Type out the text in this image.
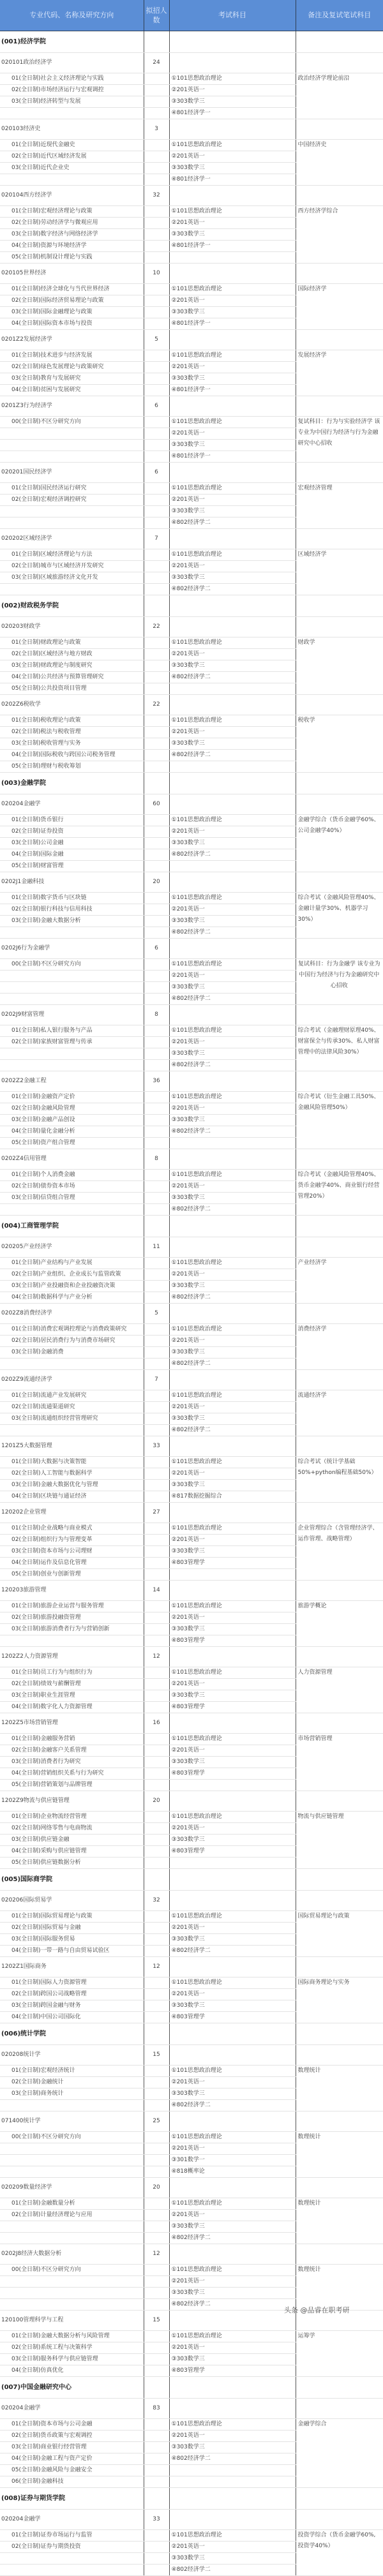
专业代码、名称及研究方向	拟招人数	考试科目	备注及复试笔试科目
(001)经济学院			
020101政治经济学	24		
01(全日制)社会主义经济理论与实践		①101思想政治理论	政治经济学理论前沿
02(全日制)市场经济运行与宏观调控		②201英语一	
03(全日制)经济转型与发展		③303数学三	
		④801经济学一	
020103经济史	3		
01(全日制)近现代金融史		①101思想政治理论	中国经济史
02(全日制)近代区域经济发展		②201英语一	
03(全日制)近代企业史		③303数学三	
		④801经济学一	
020104西方经济学	32		
01(全日制)宏观经济理论与政策		①101思想政治理论	西方经济学综合
02(全日制)劳动经济学与微观应用		②201英语一	
03(全日制)数字经济与网络经济学		③303数学三	
04(全日制)资源与环境经济学		④801经济学一	
05(全日制)机制设计理论与实践			
020105世界经济	10		
01(全日制)经济全球化与当代世界经济		①101思想政治理论	国际经济学
02(全日制)国际经济贸易理论与政策		②201英语一	
03(全日制)国际金融理论与政策		③303数学三	
04(全日制)国际资本市场与投资		④801经济学一	
0201Z2发展经济学	5		
01(全日制)技术进步与经济发展		①101思想政治理论	发展经济学
02(全日制)绿色发展理论与政策研究		②201英语一	
03(全日制)教育与发展研究		③303数学三	
04(全日制)贫困与发展研究		④801经济学一	
0201Z3行为经济学	6		
00(全日制)不区分研究方向		①101思想政治理论	复试科目：行为与实验经济学 该专业为中国行为经济与行为金融研究中心招收
		②201英语一	
		③303数学三	
		④801经济学一	
020201国民经济学	6		
01(全日制)国民经济运行研究		①101思想政治理论	宏观经济管理
02(全日制)宏观经济调控研究		②201英语一	
		③303数学三	
		④802经济学二	
020202区域经济学	7		
01(全日制)区域经济理论与方法		①101思想政治理论	区域经济学
02(全日制)城市与区域经济开发研究		②201英语一	
03(全日制)区域旅游经济文化开发		③303数学三	
		④802经济学二	
(002)财政税务学院			
020203财政学	22		
01(全日制)财政理论与政策		①101思想政治理论	财政学
02(全日制)区域经济与地方财政		②201英语一	
03(全日制)财政理论与制度研究		③303数学三	
04(全日制)公共经济与预算管理研究		④802经济学二	
05(全日制)公共投资项目管理			
0202Z6税收学	22		
01(全日制)税收理论与政策		①101思想政治理论	税收学
02(全日制)税法与税收管理		②201英语一	
03(全日制)税收管理与实务		③303数学三	
04(全日制)国际税收与跨国公司税务管理		④802经济学二	
05(全日制)理财与税收筹划			
(003)金融学院			
020204金融学	60		
01(全日制)货币银行		①101思想政治理论	金融学综合（货币金融学60%、公司金融学40%）
02(全日制)证券投资		②201英语一	
03(全日制)公司金融		③303数学三	
04(全日制)国际金融		④802经济学二	
05(全日制)财富管理			
0202J1金融科技	20		
01(全日制)数字货币与区块链		①101思想政治理论	综合考试（金融风险管理40%、金融计量学30%、机器学习30%）
02(全日制)银行科技与信用科技		②201英语一	
03(全日制)金融大数据分析		③303数学三	
		④802经济学二	
0202J6行为金融学	6		
00(全日制)不区分研究方向		①101思想政治理论	复试科目：行为金融学 该专业为中国行为经济与行为金融研究中心招收
		②201英语一	
		③303数学三	
		④802经济学二	
0202J9财富管理	8		
01(全日制)私人银行服务与产品		①101思想政治理论	综合考试（金融理财原理40%、财富保全与传承30%、私人财富管理中的法律风险30%）
02(全日制)家族财富管理与传承		②201英语一	
		③303数学三	
		④802经济学二	
0202Z2金融工程	36		
01(全日制)金融资产定价		①101思想政治理论	综合考试（衍生金融工具50%、金融风险管理50%）
02(全日制)金融风险管理		②201英语一	
03(全日制)金融产品创设		③303数学三	
04(全日制)量化金融分析		④802经济学二	
05(全日制)资产组合管理			
0202Z4信用管理	8		
01(全日制)个人消费金融		①101思想政治理论	综合考试（金融风险管理40%、货币金融学40%、商业银行经营管理20%）
02(全日制)债券资本市场		②201英语一	
03(全日制)信贷组合管理		③303数学三	
		④802经济学二	
(004)工商管理学院			
020205产业经济学	11		
01(全日制)产业结构与产业发展		①101思想政治理论	产业经济学
02(全日制)产业组织、企业成长与监管政策		②201英语一	
03(全日制)产业投融资和企业投融资决策		③303数学三	
04(全日制)数据科学与产业分析		④802经济学二	
0202Z8消费经济学	5		
01(全日制)消费宏观调控理论与消费政策研究		①101思想政治理论	消费经济学
02(全日制)居民消费行为与消费市场研究		②201英语一	
03(全日制)金融消费		③303数学三	
		④802经济学二	
0202Z9流通经济学	7		
01(全日制)流通产业发展研究		①101思想政治理论	流通经济学
02(全日制)流通渠道研究		②201英语一	
03(全日制)流通组织经营管理研究		③303数学三	
		④802经济学二	
1201Z5大数据管理	33		
01(全日制)大数据与决策智能		①101思想政治理论	综合考试（统计学基础50%+python编程基础50%）
02(全日制)人工智能与数据科学		②201英语一	
03(全日制)金融大数据优化与管理		③303数学三	
04(全日制)区块链与通证经济		④817数据挖掘综合	
120202企业管理	27		
01(全日制)企业战略与商业模式		①101思想政治理论	企业管理综合（含管理经济学、运作管理、战略管理）
02(全日制)组织行为与管理变革		②201英语一	
03(全日制)资本市场与公司理财		③303数学三	
04(全日制)运作及信息化管理		④803管理学	
05(全日制)创业与创新管理			
120203旅游管理	14		
01(全日制)旅游企业运营与服务管理		①101思想政治理论	旅游学概论
02(全日制)旅游投融资管理		②201英语一	
03(全日制)旅游消费者行为与营销创新		③303数学三	
		④803管理学	
1202Z2人力资源管理	12		
01(全日制)员工行为与组织行为		①101思想政治理论	人力资源管理
02(全日制)绩效与薪酬管理		②201英语一	
03(全日制)职业生涯管理		③303数学三	
04(全日制)数字化人力资源管理		④803管理学	
1202Z5市场营销管理	16		
01(全日制)金融服务营销		①101思想政治理论	市场营销管理
02(全日制)金融客户关系管理		②201英语一	
03(全日制)消费者行为研究		③303数学三	
04(全日制)营销组织关系与行为研究		④803管理学	
05(全日制)营销策划与品牌管理			
1202Z9物流与供应链管理	20		
01(全日制)企业物流经营管理		①101思想政治理论	物流与供应链管理
02(全日制)网络零售与电商物流		②201英语一	
03(全日制)供应链金融		③303数学三	
04(全日制)采购与供应链管理		④803管理学	
05(全日制)供应链数据分析			
(005)国际商学院			
020206国际贸易学	32		
01(全日制)国际贸易理论与政策		①101思想政治理论	国际贸易理论与政策
02(全日制)国际贸易与金融		②201英语一	
03(全日制)国际服务贸易		③303数学三	
04(全日制)一带一路与自由贸易试验区		④802经济学二	
1202Z1国际商务	12		
01(全日制)国际人力资源管理		①101思想政治理论	国际商务理论与实务
02(全日制)跨国公司战略管理		②201英语一	
03(全日制)跨国金融与财务		③303数学三	
04(全日制)中国公司国际化		④803管理学	
(006)统计学院			
020208统计学	15		
01(全日制)宏观经济统计		①101思想政治理论	数理统计
02(全日制)金融统计		②201英语一	
03(全日制)商务统计		③303数学三	
		④802经济学二	
071400统计学	25		
00(全日制)不区分研究方向		①101思想政治理论	数理统计
		②201英语一	
		③301数学一	
		④818概率论	
020209数量经济学	20		
01(全日制)金融数量分析		①101思想政治理论	数理统计
02(全日制)计量经济理论与应用		②201英语一	
		③303数学三	
		④802经济学二	
0202J8经济大数据分析	12		
00(全日制)不区分研究方向		①101思想政治理论	数理统计
		②201英语一	
		③303数学三	
		④802经济学二	
120100管理科学与工程	15		
01(全日制)金融大数据分析与风险管理		①101思想政治理论	运筹学
02(全日制)系统工程与决策科学		②201英语一	
03(全日制)服务科学与供应链管理		③303数学三	
04(全日制)仿真优化		④803管理学	
(007)中国金融研究中心			
020204金融学	83		
01(全日制)资本市场与公司金融		①101思想政治理论	金融学综合
02(全日制)货币政策与宏观调控		②201英语一	
03(全日制)商业银行经营管理		③303数学三	
04(全日制)金融工程与资产定价		④802经济学二	
05(全日制)金融风险与金融安全			
06(全日制)金融科技			
(008)证券与期货学院			
020204金融学	33		
01(全日制)证券市场运行与监管		①101思想政治理论	投资学综合（货币金融学60%,投资学40%）
02(全日制)证券与期货投资		②201英语一	
		③303数学三	
		④802经济学二	
头条 @品睿在职考研
